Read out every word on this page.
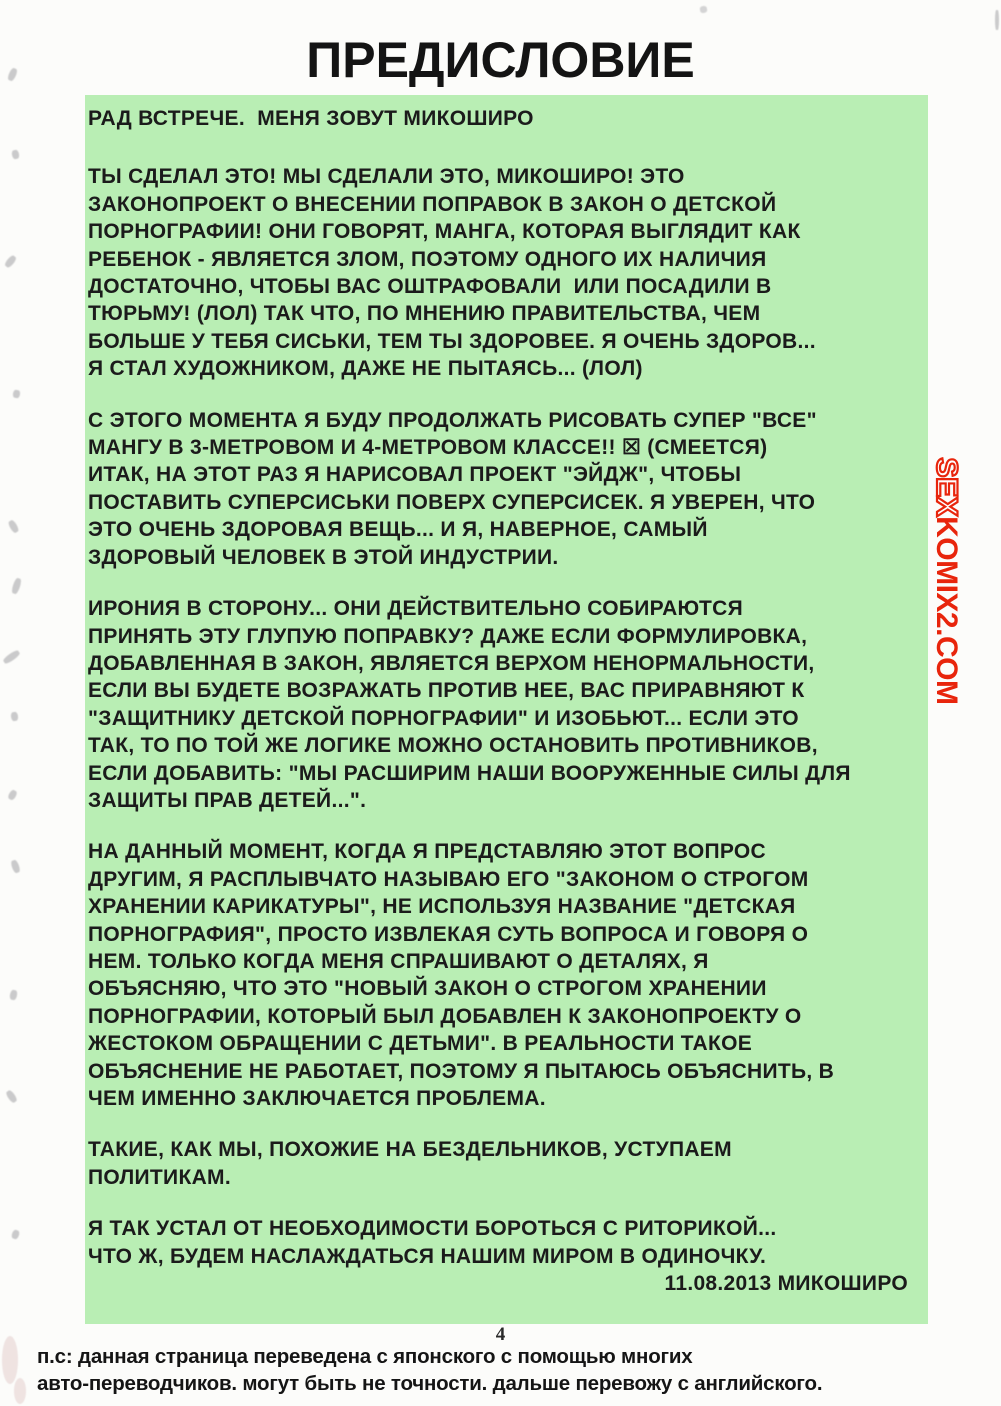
ПРЕДИСЛОВИЕ
РАД ВСТРЕЧЕ.  МЕНЯ ЗОВУТ МИКОШИРО
ТЫ СДЕЛАЛ ЭТО! МЫ СДЕЛАЛИ ЭТО, МИКОШИРО! ЭТО
ЗАКОНОПРОЕКТ О ВНЕСЕНИИ ПОПРАВОК В ЗАКОН О ДЕТСКОЙ
ПОРНОГРАФИИ! ОНИ ГОВОРЯТ, МАНГА, КОТОРАЯ ВЫГЛЯДИТ КАК
РЕБЕНОК - ЯВЛЯЕТСЯ ЗЛОМ, ПОЭТОМУ ОДНОГО ИХ НАЛИЧИЯ
ДОСТАТОЧНО, ЧТОБЫ ВАС ОШТРАФОВАЛИ  ИЛИ ПОСАДИЛИ В
ТЮРЬМУ! (ЛОЛ) ТАК ЧТО, ПО МНЕНИЮ ПРАВИТЕЛЬСТВА, ЧЕМ
БОЛЬШЕ У ТЕБЯ СИСЬКИ, ТЕМ ТЫ ЗДОРОВЕЕ. Я ОЧЕНЬ ЗДОРОВ...
Я СТАЛ ХУДОЖНИКОМ, ДАЖЕ НЕ ПЫТАЯСЬ... (ЛОЛ)
С ЭТОГО МОМЕНТА Я БУДУ ПРОДОЛЖАТЬ РИСОВАТЬ СУПЕР "ВСЕ"
МАНГУ В 3-МЕТРОВОМ И 4-МЕТРОВОМ КЛАССЕ!! ☒ (СМЕЕТСЯ)
ИТАК, НА ЭТОТ РАЗ Я НАРИСОВАЛ ПРОЕКТ "ЭЙДЖ", ЧТОБЫ
ПОСТАВИТЬ СУПЕРСИСЬКИ ПОВЕРХ СУПЕРСИСЕК. Я УВЕРЕН, ЧТО
ЭТО ОЧЕНЬ ЗДОРОВАЯ ВЕЩЬ... И Я, НАВЕРНОЕ, САМЫЙ
ЗДОРОВЫЙ ЧЕЛОВЕК В ЭТОЙ ИНДУСТРИИ.
ИРОНИЯ В СТОРОНУ... ОНИ ДЕЙСТВИТЕЛЬНО СОБИРАЮТСЯ
ПРИНЯТЬ ЭТУ ГЛУПУЮ ПОПРАВКУ? ДАЖЕ ЕСЛИ ФОРМУЛИРОВКА,
ДОБАВЛЕННАЯ В ЗАКОН, ЯВЛЯЕТСЯ ВЕРХОМ НЕНОРМАЛЬНОСТИ,
ЕСЛИ ВЫ БУДЕТЕ ВОЗРАЖАТЬ ПРОТИВ НЕЕ, ВАС ПРИРАВНЯЮТ К
"ЗАЩИТНИКУ ДЕТСКОЙ ПОРНОГРАФИИ" И ИЗОБЬЮТ... ЕСЛИ ЭТО
ТАК, ТО ПО ТОЙ ЖЕ ЛОГИКЕ МОЖНО ОСТАНОВИТЬ ПРОТИВНИКОВ,
ЕСЛИ ДОБАВИТЬ: "МЫ РАСШИРИМ НАШИ ВООРУЖЕННЫЕ СИЛЫ ДЛЯ
ЗАЩИТЫ ПРАВ ДЕТЕЙ...".
НА ДАННЫЙ МОМЕНТ, КОГДА Я ПРЕДСТАВЛЯЮ ЭТОТ ВОПРОС
ДРУГИМ, Я РАСПЛЫВЧАТО НАЗЫВАЮ ЕГО "ЗАКОНОМ О СТРОГОМ
ХРАНЕНИИ КАРИКАТУРЫ", НЕ ИСПОЛЬЗУЯ НАЗВАНИЕ "ДЕТСКАЯ
ПОРНОГРАФИЯ", ПРОСТО ИЗВЛЕКАЯ СУТЬ ВОПРОСА И ГОВОРЯ О
НЕМ. ТОЛЬКО КОГДА МЕНЯ СПРАШИВАЮТ О ДЕТАЛЯХ, Я
ОБЪЯСНЯЮ, ЧТО ЭТО "НОВЫЙ ЗАКОН О СТРОГОМ ХРАНЕНИИ
ПОРНОГРАФИИ, КОТОРЫЙ БЫЛ ДОБАВЛЕН К ЗАКОНОПРОЕКТУ О
ЖЕСТОКОМ ОБРАЩЕНИИ С ДЕТЬМИ". В РЕАЛЬНОСТИ ТАКОЕ
ОБЪЯСНЕНИЕ НЕ РАБОТАЕТ, ПОЭТОМУ Я ПЫТАЮСЬ ОБЪЯСНИТЬ, В
ЧЕМ ИМЕННО ЗАКЛЮЧАЕТСЯ ПРОБЛЕМА.
ТАКИЕ, КАК МЫ, ПОХОЖИЕ НА БЕЗДЕЛЬНИКОВ, УСТУПАЕМ
ПОЛИТИКАМ.
Я ТАК УСТАЛ ОТ НЕОБХОДИМОСТИ БОРОТЬСЯ С РИТОРИКОЙ...
ЧТО Ж, БУДЕМ НАСЛАЖДАТЬСЯ НАШИМ МИРОМ В ОДИНОЧКУ.
11.08.2013 МИКОШИРО
SEXKOMIX2.COM
4
п.с: данная страница переведена с японского с помощью многих
авто-переводчиков. могут быть не точности. дальше перевожу с английского.
